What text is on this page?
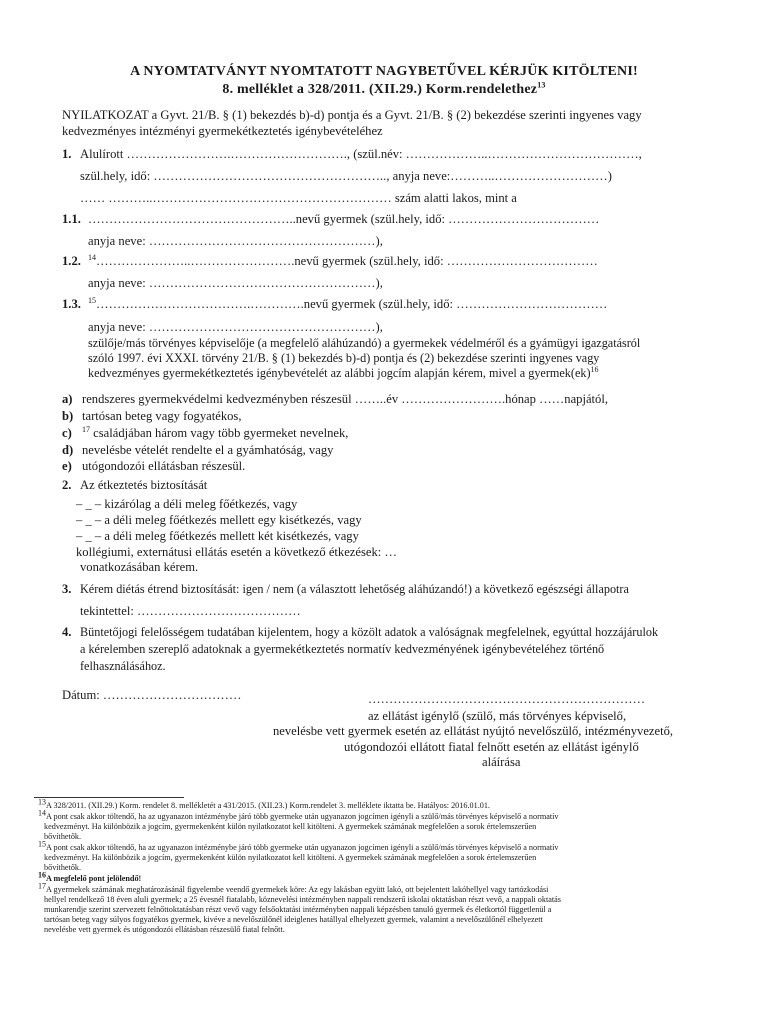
A NYOMTATVÁNYT NYOMTATOTT NAGYBETŰVEL KÉRJÜK KITÖLTENI!
8. melléklet a 328/2011. (XII.29.) Korm.rendelethez$^{13}$
NYILATKOZAT a Gyvt. 21/B. § (1) bekezdés b)-d) pontja és a Gyvt. 21/B. § (2) bekezdése szerinti ingyenes vagy
kedvezményes intézményi gyermekétkeztetés igénybevételéhez
1. Alulírott …………………….………………………., (szül.név: ………………..………………………………,
szül.hely, idő: ……………………………………………….., anyja neve:………..………………………)
…… ………..………………………………………………… szám alatti lakos, mint a
1.1. …………………………………………..nevű gyermek (szül.hely, idő: ………………………………
anyja neve: ………………………………………………),
1.2. $^{14}$…………………..…………………….nevű gyermek (szül.hely, idő: ………………………………
anyja neve: ………………………………………………),
1.3. $^{15}$……………………………….………….nevű gyermek (szül.hely, idő: ………………………………
anyja neve: ………………………………………………),
szülője/más törvényes képviselője (a megfelelő aláhúzandó) a gyermekek védelméről és a gyámügyi igazgatásról
szóló 1997. évi XXXI. törvény 21/B. § (1) bekezdés b)-d) pontja és (2) bekezdése szerinti ingyenes vagy
kedvezményes gyermekétkeztetés igénybevételét az alábbi jogcím alapján kérem, mivel a gyermek(ek)$^{16}$
a) rendszeres gyermekvédelmi kedvezményben részesül ……..év …………………….hónap ……napjától,
b) tartósan beteg vagy fogyatékos,
c) $^{17}$ családjában három vagy több gyermeket nevelnek,
d) nevelésbe vételét rendelte el a gyámhatóság, vagy
e) utógondozói ellátásban részesül.
2. Az étkeztetés biztosítását
– _ – kizárólag a déli meleg főétkezés, vagy
– _ – a déli meleg főétkezés mellett egy kisétkezés, vagy
– _ – a déli meleg főétkezés mellett két kisétkezés, vagy
kollégiumi, externátusi ellátás esetén a következő étkezések: …
vonatkozásában kérem.
3. Kérem diétás étrend biztosítását: igen / nem (a választott lehetőség aláhúzandó!) a következő egészségi állapotra
tekintettel: …………………………………
4. Büntetőjogi felelősségem tudatában kijelentem, hogy a közölt adatok a valóságnak megfelelnek, egyúttal hozzájárulok
a kérelemben szereplő adatoknak a gyermekétkeztetés normatív kedvezményének igénybevételéhez történő
felhasználásához.
Dátum: ……………………………	…………………………………………………………
az ellátást igénylő (szülő, más törvényes képviselő,
nevelésbe vett gyermek esetén az ellátást nyújtó nevelőszülő, intézményvezető,
utógondozói ellátott fiatal felnőtt esetén az ellátást igénylő
aláírása
$^{13}$A 328/2011. (XII.29.) Korm. rendelet 8. mellékletét a 431/2015. (XII.23.) Korm.rendelet 3. melléklete iktatta be. Hatályos: 2016.01.01.
$^{14}$A pont csak akkor töltendő, ha az ugyanazon intézménybe járó több gyermeke után ugyanazon jogcímen igényli a szülő/más törvényes képviselő a normatív
kedvezményt. Ha különbözik a jogcím, gyermekenként külön nyilatkozatot kell kitölteni. A gyermekek számának megfelelően a sorok értelemszerűen
bővíthetők.
$^{15}$A pont csak akkor töltendő, ha az ugyanazon intézménybe járó több gyermeke után ugyanazon jogcímen igényli a szülő/más törvényes képviselő a normatív
kedvezményt. Ha különbözik a jogcím, gyermekenként külön nyilatkozatot kell kitölteni. A gyermekek számának megfelelően a sorok értelemszerűen
bővíthetők.
$^{16}$A megfelelő pont jelölendő!
$^{17}$A gyermekek számának meghatározásánál figyelembe veendő gyermekek köre: Az egy lakásban együtt lakó, ott bejelentett lakóhellyel vagy tartózkodási
hellyel rendelkező 18 éven aluli gyermek; a 25 évesnél fiatalabb, köznevelési intézményben nappali rendszerű iskolai oktatásban részt vevő, a nappali oktatás
munkarendje szerint szervezett felnőttoktatásban részt vevő vagy felsőoktatási intézményben nappali képzésben tanuló gyermek és életkortól függetlenül a
tartósan beteg vagy súlyos fogyatékos gyermek, kivéve a nevelőszülőnél ideiglenes hatállyal elhelyezett gyermek, valamint a nevelőszülőnél elhelyezett
nevelésbe vett gyermek és utógondozói ellátásban részesülő fiatal felnőtt.
